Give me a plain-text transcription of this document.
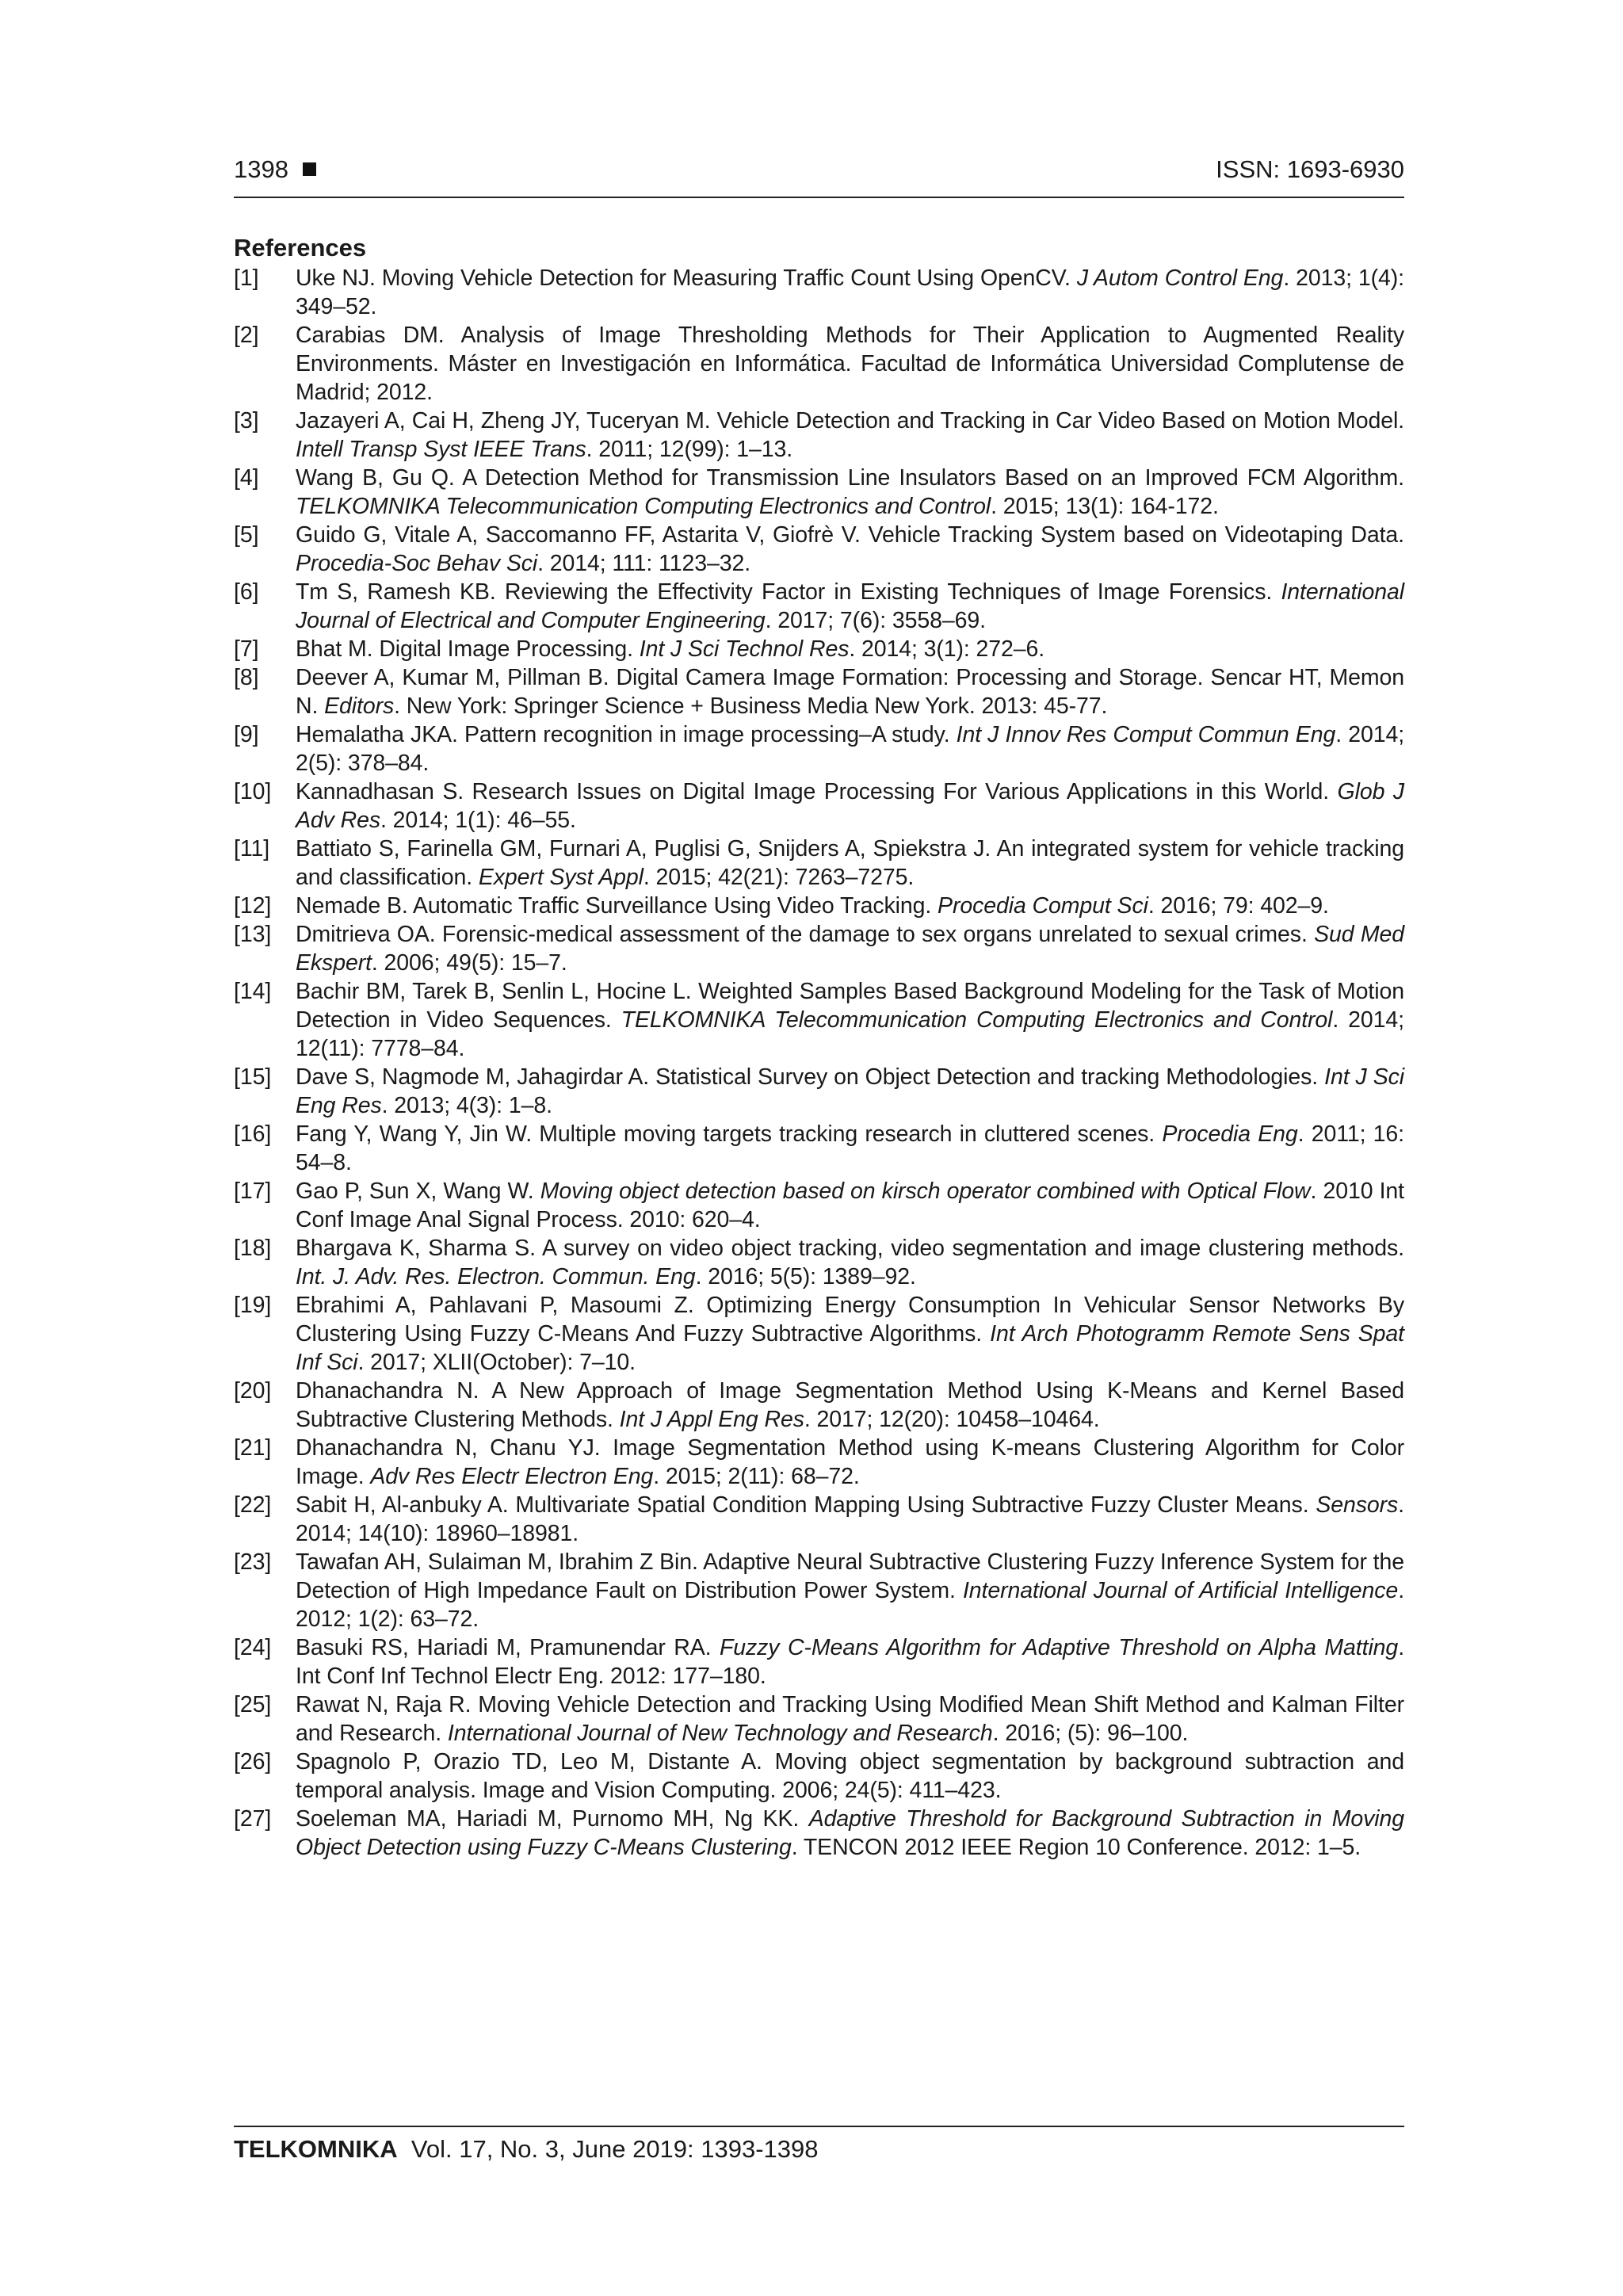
1398	ISSN: 1693-6930
References
[1] Uke NJ. Moving Vehicle Detection for Measuring Traffic Count Using OpenCV. J Autom Control Eng. 2013; 1(4): 349–52.
[2] Carabias DM. Analysis of Image Thresholding Methods for Their Application to Augmented Reality Environments. Máster en Investigación en Informática. Facultad de Informática Universidad Complutense de Madrid; 2012.
[3] Jazayeri A, Cai H, Zheng JY, Tuceryan M. Vehicle Detection and Tracking in Car Video Based on Motion Model. Intell Transp Syst IEEE Trans. 2011; 12(99): 1–13.
[4] Wang B, Gu Q. A Detection Method for Transmission Line Insulators Based on an Improved FCM Algorithm. TELKOMNIKA Telecommunication Computing Electronics and Control. 2015; 13(1): 164-172.
[5] Guido G, Vitale A, Saccomanno FF, Astarita V, Giofrè V. Vehicle Tracking System based on Videotaping Data. Procedia-Soc Behav Sci. 2014; 111: 1123–32.
[6] Tm S, Ramesh KB. Reviewing the Effectivity Factor in Existing Techniques of Image Forensics. International Journal of Electrical and Computer Engineering. 2017; 7(6): 3558–69.
[7] Bhat M. Digital Image Processing. Int J Sci Technol Res. 2014; 3(1): 272–6.
[8] Deever A, Kumar M, Pillman B. Digital Camera Image Formation: Processing and Storage. Sencar HT, Memon N. Editors. New York: Springer Science + Business Media New York. 2013: 45-77.
[9] Hemalatha JKA. Pattern recognition in image processing–A study. Int J Innov Res Comput Commun Eng. 2014; 2(5): 378–84.
[10] Kannadhasan S. Research Issues on Digital Image Processing For Various Applications in this World. Glob J Adv Res. 2014; 1(1): 46–55.
[11] Battiato S, Farinella GM, Furnari A, Puglisi G, Snijders A, Spiekstra J. An integrated system for vehicle tracking and classification. Expert Syst Appl. 2015; 42(21): 7263–7275.
[12] Nemade B. Automatic Traffic Surveillance Using Video Tracking. Procedia Comput Sci. 2016; 79: 402–9.
[13] Dmitrieva OA. Forensic-medical assessment of the damage to sex organs unrelated to sexual crimes. Sud Med Ekspert. 2006; 49(5): 15–7.
[14] Bachir BM, Tarek B, Senlin L, Hocine L. Weighted Samples Based Background Modeling for the Task of Motion Detection in Video Sequences. TELKOMNIKA Telecommunication Computing Electronics and Control. 2014; 12(11): 7778–84.
[15] Dave S, Nagmode M, Jahagirdar A. Statistical Survey on Object Detection and tracking Methodologies. Int J Sci Eng Res. 2013; 4(3): 1–8.
[16] Fang Y, Wang Y, Jin W. Multiple moving targets tracking research in cluttered scenes. Procedia Eng. 2011; 16: 54–8.
[17] Gao P, Sun X, Wang W. Moving object detection based on kirsch operator combined with Optical Flow. 2010 Int Conf Image Anal Signal Process. 2010: 620–4.
[18] Bhargava K, Sharma S. A survey on video object tracking, video segmentation and image clustering methods. Int. J. Adv. Res. Electron. Commun. Eng. 2016; 5(5): 1389–92.
[19] Ebrahimi A, Pahlavani P, Masoumi Z. Optimizing Energy Consumption In Vehicular Sensor Networks By Clustering Using Fuzzy C-Means And Fuzzy Subtractive Algorithms. Int Arch Photogramm Remote Sens Spat Inf Sci. 2017; XLII(October): 7–10.
[20] Dhanachandra N. A New Approach of Image Segmentation Method Using K-Means and Kernel Based Subtractive Clustering Methods. Int J Appl Eng Res. 2017; 12(20): 10458–10464.
[21] Dhanachandra N, Chanu YJ. Image Segmentation Method using K-means Clustering Algorithm for Color Image. Adv Res Electr Electron Eng. 2015; 2(11): 68–72.
[22] Sabit H, Al-anbuky A. Multivariate Spatial Condition Mapping Using Subtractive Fuzzy Cluster Means. Sensors. 2014; 14(10): 18960–18981.
[23] Tawafan AH, Sulaiman M, Ibrahim Z Bin. Adaptive Neural Subtractive Clustering Fuzzy Inference System for the Detection of High Impedance Fault on Distribution Power System. International Journal of Artificial Intelligence. 2012; 1(2): 63–72.
[24] Basuki RS, Hariadi M, Pramunendar RA. Fuzzy C-Means Algorithm for Adaptive Threshold on Alpha Matting. Int Conf Inf Technol Electr Eng. 2012: 177–180.
[25] Rawat N, Raja R. Moving Vehicle Detection and Tracking Using Modified Mean Shift Method and Kalman Filter and Research. International Journal of New Technology and Research. 2016; (5): 96–100.
[26] Spagnolo P, Orazio TD, Leo M, Distante A. Moving object segmentation by background subtraction and temporal analysis. Image and Vision Computing. 2006; 24(5): 411–423.
[27] Soeleman MA, Hariadi M, Purnomo MH, Ng KK. Adaptive Threshold for Background Subtraction in Moving Object Detection using Fuzzy C-Means Clustering. TENCON 2012 IEEE Region 10 Conference. 2012: 1–5.
TELKOMNIKA Vol. 17, No. 3, June 2019: 1393-1398
